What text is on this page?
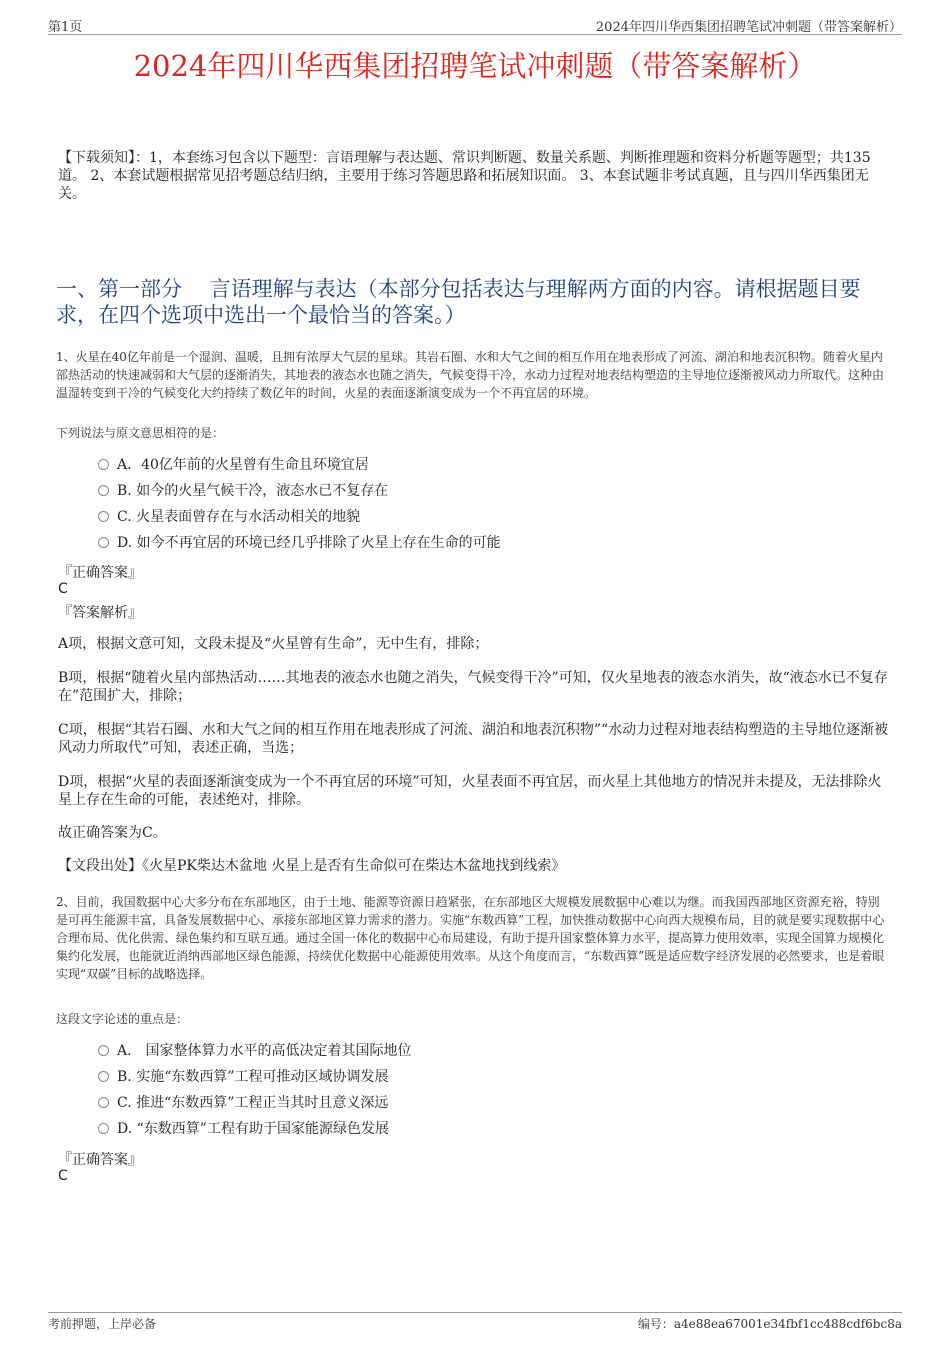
第1页	2024年四川华西集团招聘笔试冲刺题（带答案解析）
2024年四川华西集团招聘笔试冲刺题（带答案解析）
【下载须知】：1，本套练习包含以下题型：言语理解与表达题、常识判断题、数量关系题、判断推理题和资料分析题等题型；共135道。 2、本套试题根据常见招考题总结归纳，主要用于练习答题思路和拓展知识面。 3、本套试题非考试真题，且与四川华西集团无关。
一、第一部分　 言语理解与表达（本部分包括表达与理解两方面的内容。请根据题目要求，在四个选项中选出一个最恰当的答案。）
1、火星在40亿年前是一个湿润、温暖，且拥有浓厚大气层的星球。其岩石圈、水和大气之间的相互作用在地表形成了河流、湖泊和地表沉积物。随着火星内部热活动的快速减弱和大气层的逐渐消失，其地表的液态水也随之消失，气候变得干冷，水动力过程对地表结构塑造的主导地位逐渐被风动力所取代。这种由温湿转变到干冷的气候变化大约持续了数亿年的时间，火星的表面逐渐演变成为一个不再宜居的环境。
下列说法与原文意思相符的是：
A．40亿年前的火星曾有生命且环境宜居
B. 如今的火星气候干冷，液态水已不复存在
C. 火星表面曾存在与水活动相关的地貌
D. 如今不再宜居的环境已经几乎排除了火星上存在生命的可能
『正确答案』
C
『答案解析』
A项，根据文意可知，文段未提及“火星曾有生命”，无中生有，排除；
B项，根据“随着火星内部热活动……其地表的液态水也随之消失，气候变得干冷”可知，仅火星地表的液态水消失，故“液态水已不复存在”范围扩大，排除；
C项，根据“其岩石圈、水和大气之间的相互作用在地表形成了河流、湖泊和地表沉积物”“水动力过程对地表结构塑造的主导地位逐渐被风动力所取代”可知，表述正确，当选；
D项，根据“火星的表面逐渐演变成为一个不再宜居的环境”可知，火星表面不再宜居，而火星上其他地方的情况并未提及，无法排除火星上存在生命的可能，表述绝对，排除。
故正确答案为C。
【文段出处】《火星PK柴达木盆地 火星上是否有生命似可在柴达木盆地找到线索》
2、目前，我国数据中心大多分布在东部地区，由于土地、能源等资源日趋紧张，在东部地区大规模发展数据中心难以为继。而我国西部地区资源充裕，特别是可再生能源丰富，具备发展数据中心、承接东部地区算力需求的潜力。实施“东数西算”工程，加快推动数据中心向西大规模布局，目的就是要实现数据中心合理布局、优化供需、绿色集约和互联互通。通过全国一体化的数据中心布局建设，有助于提升国家整体算力水平，提高算力使用效率，实现全国算力规模化集约化发展，也能就近消纳西部地区绿色能源，持续优化数据中心能源使用效率。从这个角度而言，“东数西算”既是适应数字经济发展的必然要求，也是着眼实现“双碳”目标的战略选择。
这段文字论述的重点是：
A． 国家整体算力水平的高低决定着其国际地位
B. 实施“东数西算”工程可推动区域协调发展
C. 推进“东数西算”工程正当其时且意义深远
D. “东数西算”工程有助于国家能源绿色发展
『正确答案』
C
考前押题，上岸必备	编号：a4e88ea67001e34fbf1cc488cdf6bc8a
